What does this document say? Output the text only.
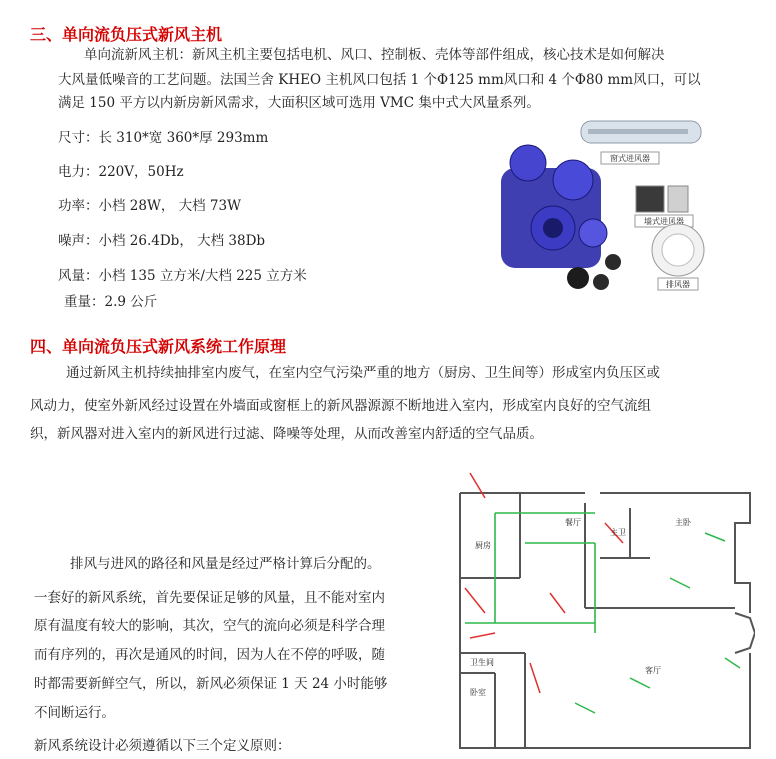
三、单向流负压式新风主机
单向流新风主机：新风主机主要包括电机、风口、控制板、壳体等部件组成，核心技术是如何解决
大风量低噪音的工艺问题。法国兰舍 KHEO 主机风口包括 1 个Φ125 mm风口和 4 个Φ80 mm风口，可以
满足 150 平方以内新房新风需求，大面积区域可选用 VMC 集中式大风量系列。
尺寸：长 310*宽 360*厚 293mm
电力：220V，50Hz
功率：小档 28W， 大档 73W
噪声：小档 26.4Db， 大档 38Db
风量：小档 135 立方米/大档 225 立方米
重量：2.9 公斤
窗式进风器
墙式进风器
排风器
四、单向流负压式新风系统工作原理
通过新风主机持续抽排室内废气，在室内空气污染严重的地方（厨房、卫生间等）形成室内负压区或
风动力，使室外新风经过设置在外墙面或窗框上的新风器源源不断地进入室内，形成室内良好的空气流组
织，新风器对进入室内的新风进行过滤、降噪等处理，从而改善室内舒适的空气品质。
排风与进风的路径和风量是经过严格计算后分配的。
一套好的新风系统，首先要保证足够的风量，且不能对室内
原有温度有较大的影响，其次，空气的流向必须是科学合理
而有序列的，再次是通风的时间，因为人在不停的呼吸，随
时都需要新鲜空气，所以，新风必须保证 1 天 24 小时能够
不间断运行。
新风系统设计必须遵循以下三个定义原则：
厨房
餐厅
主卫
主卧
卫生间
卧室
客厅
